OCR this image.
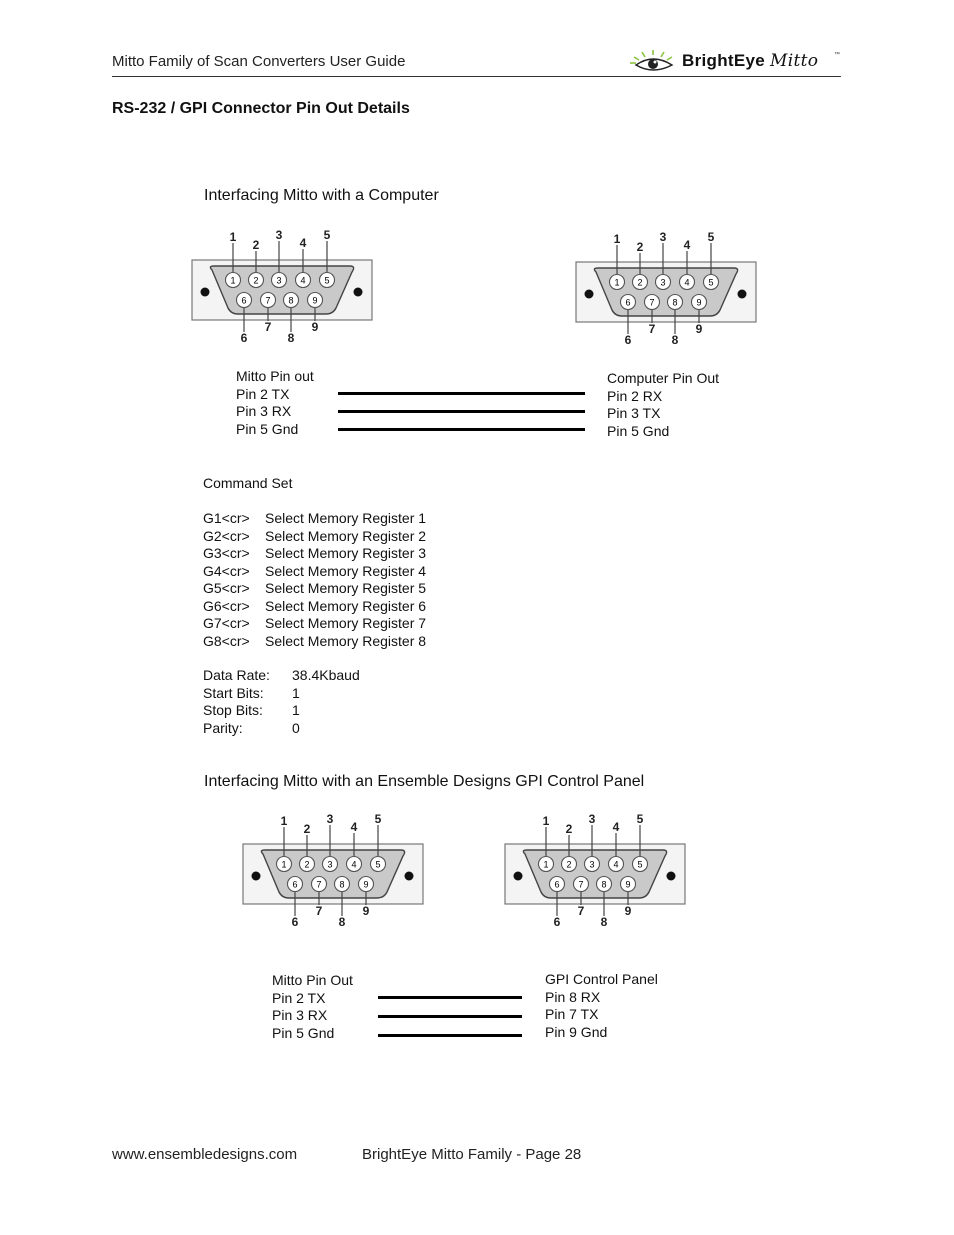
Mitto Family of Scan Converters User Guide	BrightEye Mitto	™
RS-232 / GPI Connector Pin Out Details
Interfacing Mitto with a Computer
1
1
2
2
3
3
4
4
5
5
6
6
7
7
8
8
9
9
1
1
2
2
3
3
4
4
5
5
6
6
7
7
8
8
9
9
Mitto Pin out
Pin 2 TX
Pin 3 RX
Pin 5 Gnd
Computer Pin Out
Pin 2 RX
Pin 3 TX
Pin 5 Gnd
Command Set
G1<cr> Select Memory Register 1
G2<cr> Select Memory Register 2
G3<cr> Select Memory Register 3
G4<cr> Select Memory Register 4
G5<cr> Select Memory Register 5
G6<cr> Select Memory Register 6
G7<cr> Select Memory Register 7
G8<cr> Select Memory Register 8
Data Rate: 38.4Kbaud
Start Bits: 1
Stop Bits: 1
Parity:	0
Interfacing Mitto with an Ensemble Designs GPI Control Panel
1
1
2
2
3
3
4
4
5
5
6
6
7
7
8
8
9
9
1
1
2
2
3
3
4
4
5
5
6
6
7
7
8
8
9
9
Mitto Pin Out
Pin 2 TX
Pin 3 RX
Pin 5 Gnd
GPI Control Panel
Pin 8 RX
Pin 7 TX
Pin 9 Gnd
www.ensembledesigns.com	BrightEye Mitto Family - Page 28
